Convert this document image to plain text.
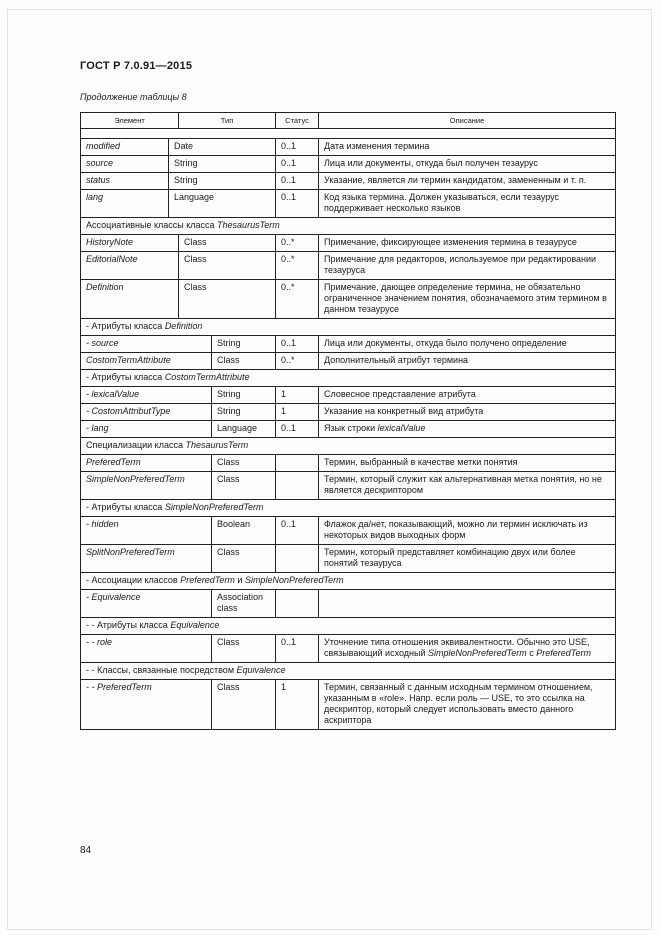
ГОСТ Р 7.0.91—2015
Продолжение таблицы 8
Элемент		Тип		Статус	Описание

modified	Date			0..1	Дата изменения термина
source	String			0..1	Лица или документы, откуда был получен тезаурус
status	String			0..1	Указание, является ли термин кандидатом, замененным и т. п.
lang	Language			0..1	Код языка термина. Должен указываться, если тезаурус поддерживает несколько языков
Ассоциативные классы класса ThesaurusTerm					
HistoryNote		Class		0..*	Примечание, фиксирующее изменения термина в тезаурусе
EditorialNote		Class		0..*	Примечание для редакторов, используемое при редактировании тезауруса
Definition		Class		0..*	Примечание, дающее определение термина, не обязательно ограниченное значением понятия, обозначаемого этим термином в данном тезаурусе
- Атрибуты класса Definition					
- source			String	0..1	Лица или документы, откуда было получено определение
CostomTermAttribute			Class	0..*	Дополнительный атрибут термина
- Атрибуты класса CostomTermAttribute					
- lexicalValue			String	1	Словесное представление атрибута
- CostomAttributType			String	1	Указание на конкретный вид атрибута
- lang			Language	0..1	Язык строки lexicalValue
Специализации класса ThesaurusTerm					
PreferedTerm			Class		Термин, выбранный в качестве метки понятия
SimpleNonPreferedTerm			Class		Термин, который служит как альтернативная метка понятия, но не является дескриптором
- Атрибуты класса SimpleNonPreferedTerm					
- hidden			Boolean	0..1	Флажок да/нет, показывающий, можно ли термин исключать из некоторых видов выходных форм
SplitNonPreferedTerm			Class		Термин, который представляет комбинацию двух или более понятий тезауруса
- Ассоциации классов PreferedTerm и SimpleNonPreferedTerm					
- Equivalence			Association class		
- - Атрибуты класса Equivalence					
- - role			Class	0..1	Уточнение типа отношения эквивалентности. Обычно это USE, связывающий исходный SimpleNonPreferedTerm с PreferedTerm
- - Классы, связанные посредством Equivalence					
- - PreferedTerm			Class	1	Термин, связанный с данным исходным термином отношением, указанным в «role». Напр. если роль — USE, то это ссылка на дескриптор, который следует использовать вместо данного аскриптора
84
